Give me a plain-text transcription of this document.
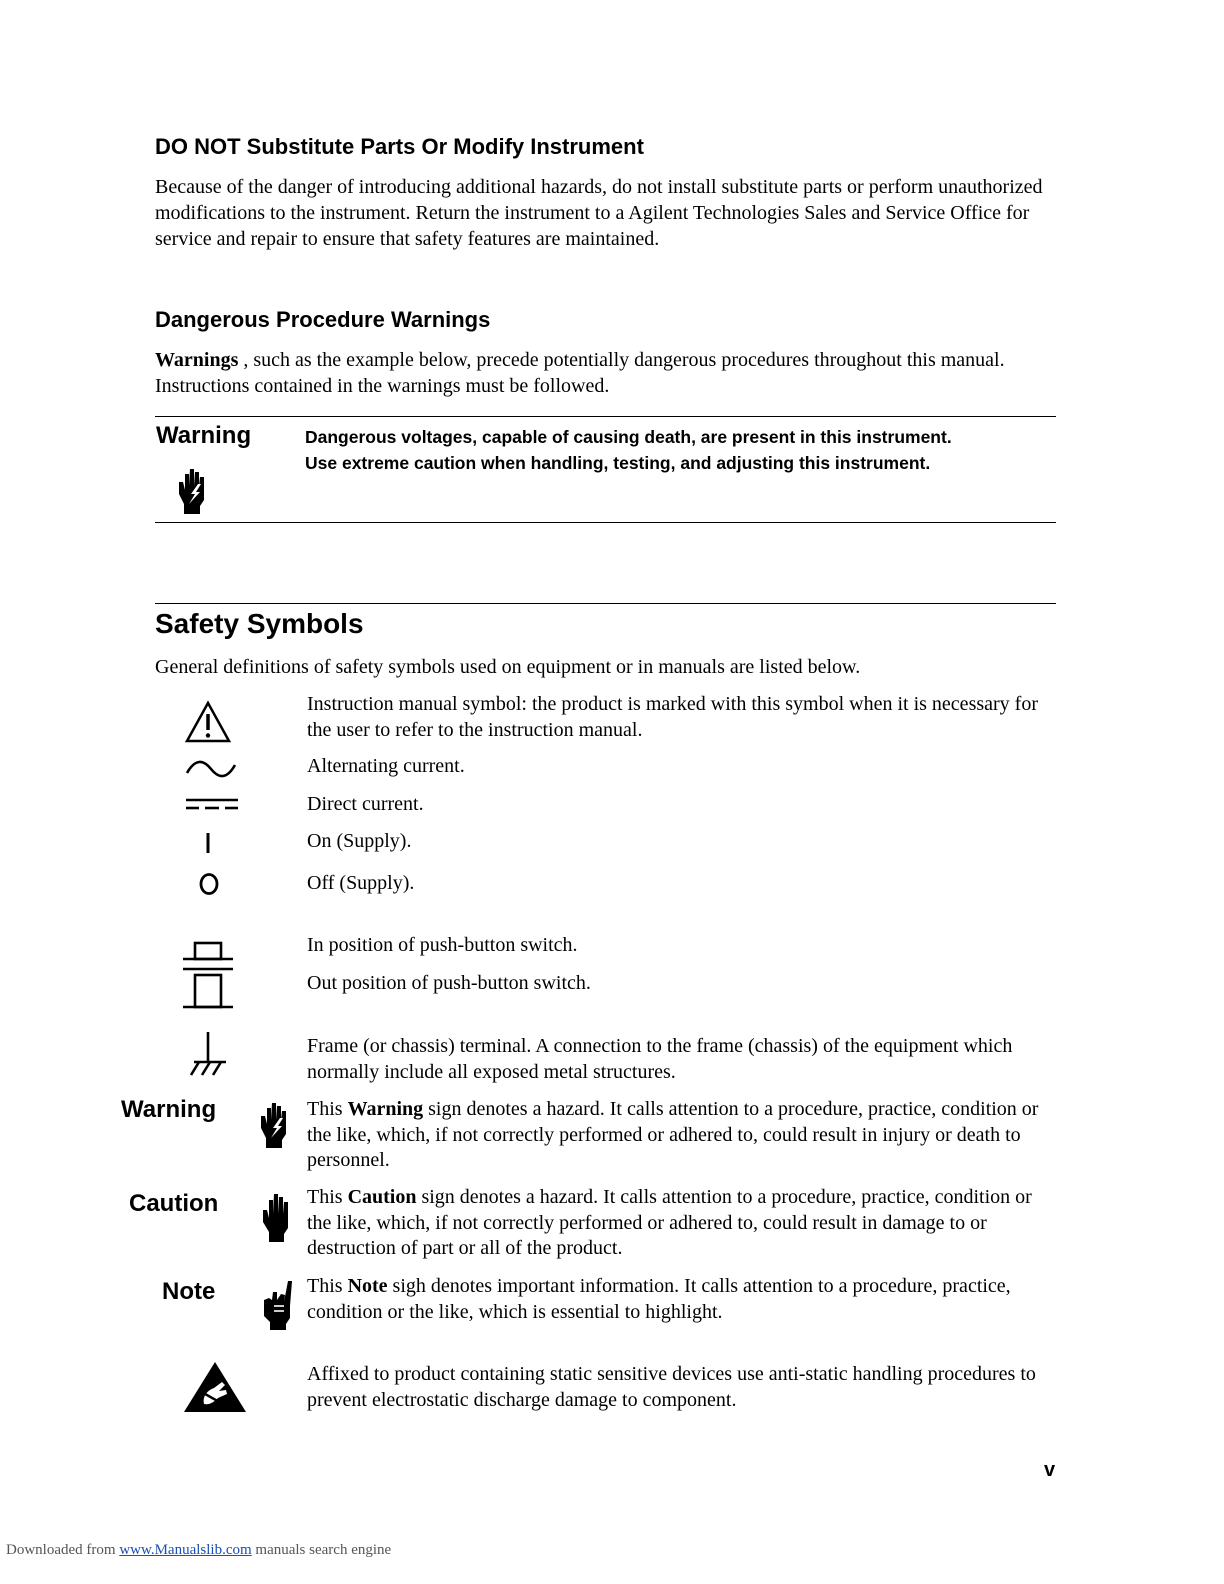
DO NOT Substitute Parts Or Modify Instrument

Because of the danger of introducing additional hazards, do not install substitute parts or perform unauthorized modifications to the instrument. Return the instrument to a Agilent Technologies Sales and Service Office for service and repair to ensure that safety features are maintained.

Dangerous Procedure Warnings

Warnings , such as the example below, precede potentially dangerous procedures throughout this manual. Instructions contained in the warnings must be followed.

Warning	Dangerous voltages, capable of causing death, are present in this instrument.
Use extreme caution when handling, testing, and adjusting this instrument.
Safety Symbols

General definitions of safety symbols used on equipment or in manuals are listed below.

Instruction manual symbol: the product is marked with this symbol when it is necessary for the user to refer to the instruction manual.

Alternating current.

Direct current.

On (Supply).

Off (Supply).

In position of push-button switch.

Out position of push-button switch.

Frame (or chassis) terminal. A connection to the frame (chassis) of the equipment which normally include all exposed metal structures.

Warning	This Warning sign denotes a hazard. It calls attention to a procedure, practice, condition or the like, which, if not correctly performed or adhered to, could result in injury or death to personnel.

Caution	This Caution sign denotes a hazard. It calls attention to a procedure, practice, condition or the like, which, if not correctly performed or adhered to, could result in damage to or destruction of part or all of the product.

Note	This Note sigh denotes important information. It calls attention to a procedure, practice, condition or the like, which is essential to highlight.

Affixed to product containing static sensitive devices use anti-static handling procedures to prevent electrostatic discharge damage to component.

v
Downloaded from www.Manualslib.com manuals search engine
